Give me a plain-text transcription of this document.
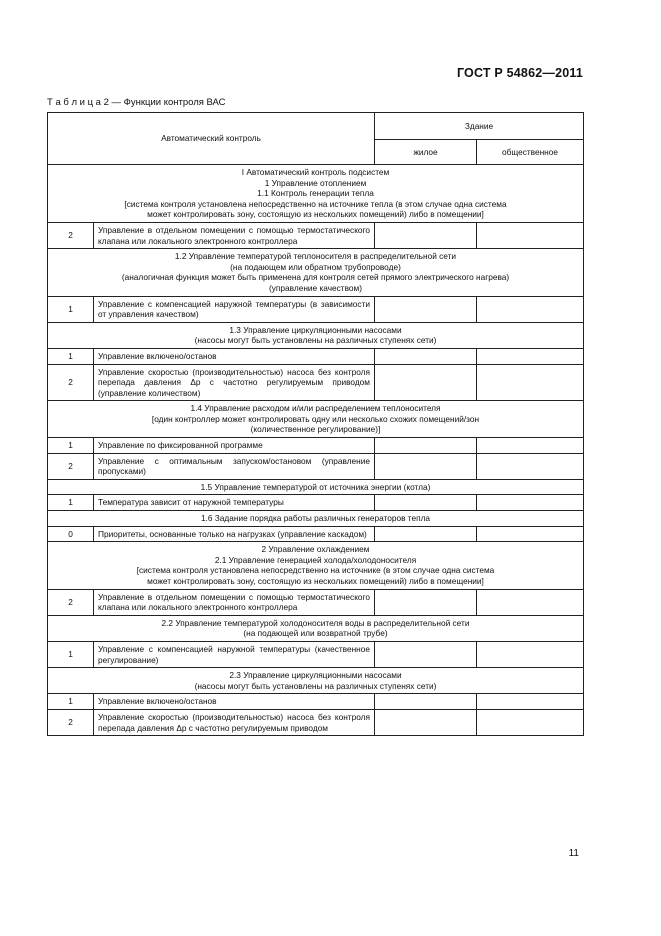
ГОСТ Р 54862—2011
Т а б л и ц а 2 — Функции контроля ВАС
Автоматический контроль		Здание	
		жилое	общественное

I Автоматический контроль подсистем
1 Управление отоплением
1.1 Контроль генерации тепла
[система контроля установлена непосредственно на источнике тепла (в этом случае одна система
может контролировать зону, состоящую из нескольких помещений) либо в помещении]			

2	Управление в отдельном помещении с помощью термостатического клапана или локального электронного контроллера		

1.2 Управление температурой теплоносителя в распределительной сети
(на подающем или обратном трубопроводе)
(аналогичная функция может быть применена для контроля сетей прямого электрического нагрева)
(управление качеством)			

1	Управление с компенсацией наружной температуры (в зависимости от управления качеством)		

1.3 Управление циркуляционными насосами
(насосы могут быть установлены на различных ступенях сети)			

1	Управление включено/останов		
2	Управление скоростью (производительностью) насоса без контроля перепада давления Δp с частотно регулируемым приводом (управление количеством)		

1.4 Управление расходом и/или распределением теплоносителя
[один контроллер может контролировать одну или несколько схожих помещений/зон
(количественное регулирование)]			

1	Управление по фиксированной программе		
2	Управление с оптимальным запуском/остановом (управление пропусками)		

1.5 Управление температурой от источника энергии (котла)			

1	Температура зависит от наружной температуры		

1.6 Задание порядка работы различных генераторов тепла			

0	Приоритеты, основанные только на нагрузках (управление каскадом)		

2 Управление охлаждением
2.1 Управление генерацией холода/холодоносителя
[система контроля установлена непосредственно на источнике (в этом случае одна система
может контролировать зону, состоящую из нескольких помещений) либо в помещении]			

2	Управление в отдельном помещении с помощью термостатического клапана или локального электронного контроллера		

2.2 Управление температурой холодоносителя воды в распределительной сети
(на подающей или возвратной трубе)			

1	Управление с компенсацией наружной температуры (качественное регулирование)		

2.3 Управление циркуляционными насосами
(насосы могут быть установлены на различных ступенях сети)			

1	Управление включено/останов		
2	Управление скоростью (производительностью) насоса без контроля перепада давления Δp с частотно регулируемым приводом		
11
